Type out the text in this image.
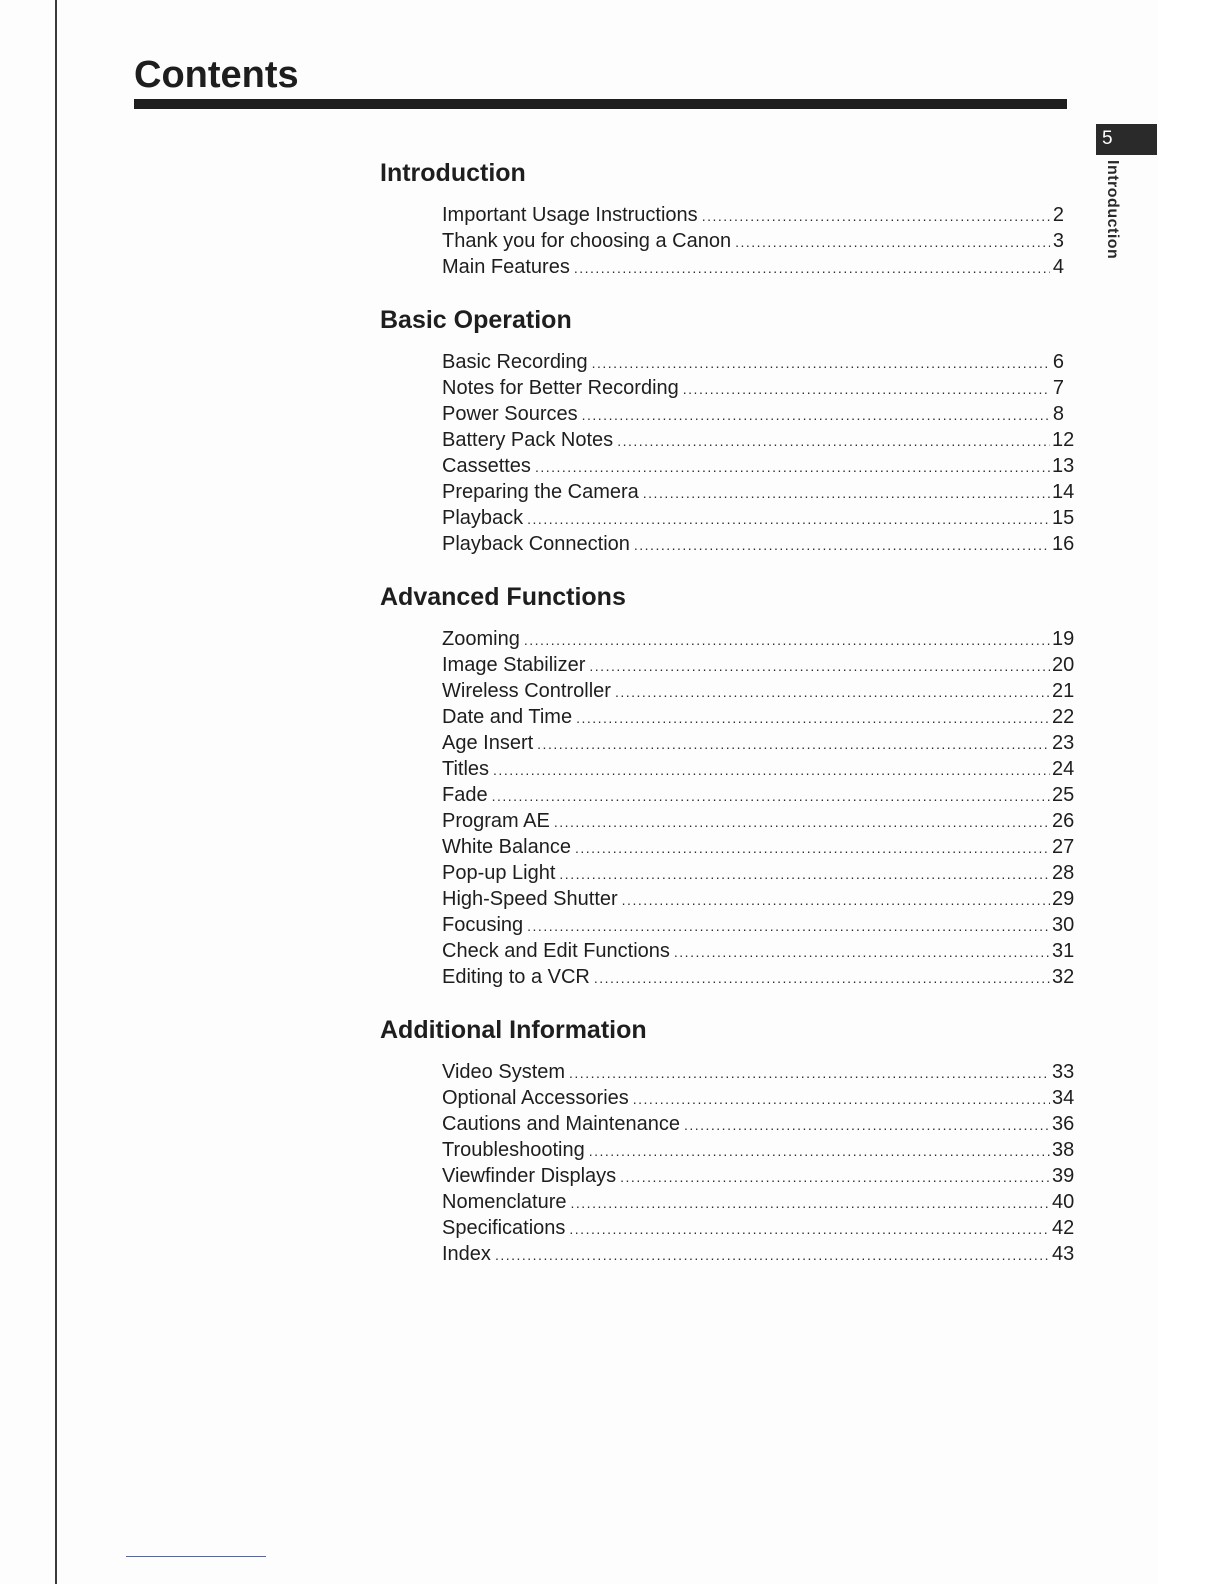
Contents
5
Introduction
Introduction
Important Usage Instructions .....	2
Thank you for choosing a Canon .....	3
Main Features .....	4
Basic Operation
Basic Recording .....	6
Notes for Better Recording .....	7
Power Sources .....	8
Battery Pack Notes .....	12
Cassettes .....	13
Preparing the Camera .....	14
Playback .....	15
Playback Connection .....	16
Advanced Functions
Zooming .....	19
Image Stabilizer .....	20
Wireless Controller .....	21
Date and Time .....	22
Age Insert .....	23
Titles .....	24
Fade .....	25
Program AE .....	26
White Balance .....	27
Pop-up Light .....	28
High-Speed Shutter .....	29
Focusing .....	30
Check and Edit Functions .....	31
Editing to a VCR .....	32
Additional Information
Video System .....	33
Optional Accessories .....	34
Cautions and Maintenance .....	36
Troubleshooting .....	38
Viewfinder Displays .....	39
Nomenclature .....	40
Specifications .....	42
Index .....	43
